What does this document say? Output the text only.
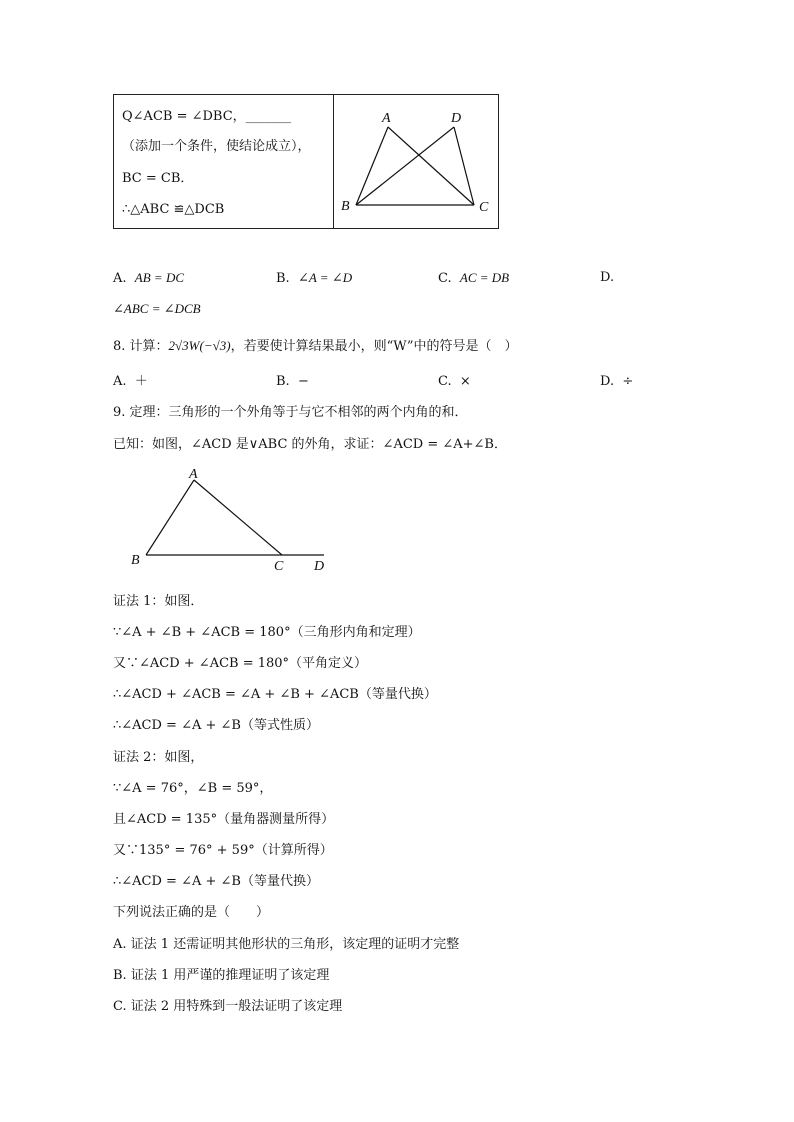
Q∠ACB = ∠DBC，_______
（添加一个条件，使结论成立），
BC = CB．
∴△ABC ≌△DCB
A	D
B	C
A. AB = DC	B. ∠A = ∠D	C. AC = DB	D.
∠ABC = ∠DCB
8. 计算：2√3W(−√3)，若要使计算结果最小，则“W”中的符号是（　）
A. ＋	B. −	C. ×	D. ÷
9. 定理：三角形的一个外角等于与它不相邻的两个内角的和．
已知：如图，∠ACD 是∨ABC 的外角，求证：∠ACD = ∠A+∠B．
A
B	C D
证法 1：如图．
∵∠A + ∠B + ∠ACB = 180°（三角形内角和定理）
又∵∠ACD + ∠ACB = 180°（平角定义）
∴∠ACD + ∠ACB = ∠A + ∠B + ∠ACB（等量代换）
∴∠ACD = ∠A + ∠B（等式性质）
证法 2：如图，
∵∠A = 76°，∠B = 59°，
且∠ACD = 135°（量角器测量所得）
又∵135° = 76° + 59°（计算所得）
∴∠ACD = ∠A + ∠B（等量代换）
下列说法正确的是（　　）
A. 证法 1 还需证明其他形状的三角形，该定理的证明才完整
B. 证法 1 用严谨的推理证明了该定理
C. 证法 2 用特殊到一般法证明了该定理
